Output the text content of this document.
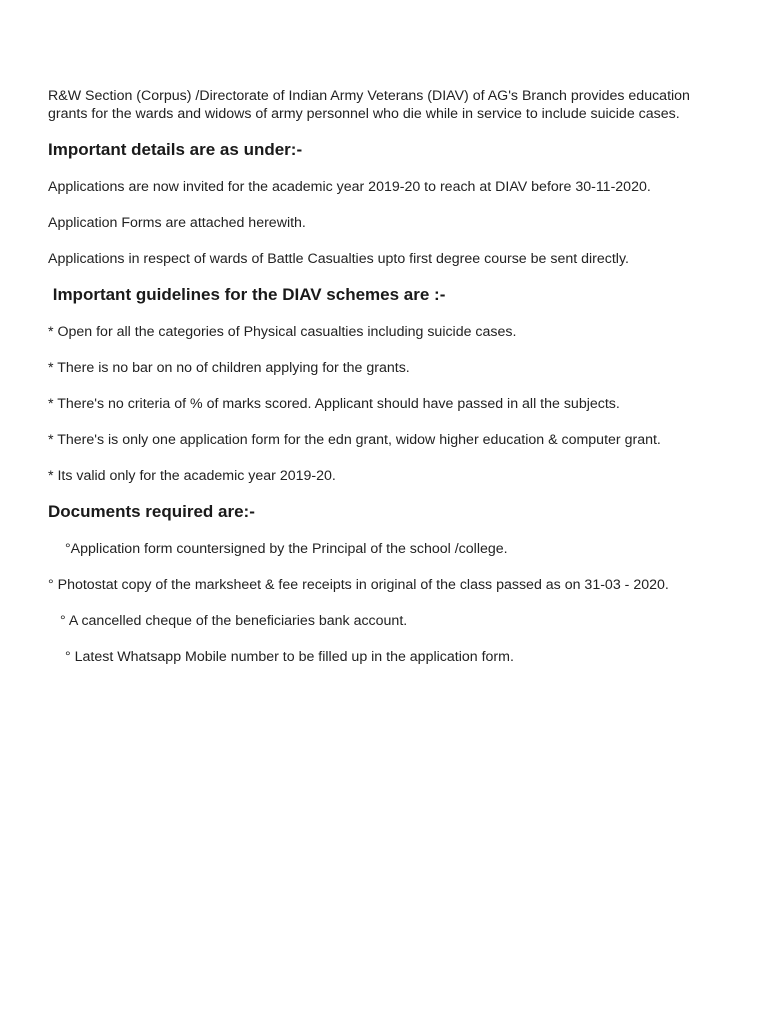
R&W Section (Corpus) /Directorate of Indian Army Veterans (DIAV) of AG's Branch provides education grants for the wards and widows of army personnel who die while in service to include suicide cases.

Important details are as under:-

Applications are now invited for the academic year 2019-20 to reach at DIAV before 30-11-2020.

Application Forms are attached herewith.

Applications in respect of wards of Battle Casualties upto first degree course be sent directly.

Important guidelines for the DIAV schemes are :-

* Open for all the categories of Physical casualties including suicide cases.

* There is no bar on no of children applying for the grants.

* There's no criteria of % of marks scored. Applicant should have passed in all the subjects.

* There's is only one application form for the edn grant, widow higher education & computer grant.

* Its valid only for the academic year 2019-20.

Documents required are:-

°Application form countersigned by the Principal of the school /college.

° Photostat copy of the marksheet & fee receipts in original of the class passed as on 31-03 - 2020.

° A cancelled cheque of the beneficiaries bank account.

° Latest Whatsapp Mobile number to be filled up in the application form.
